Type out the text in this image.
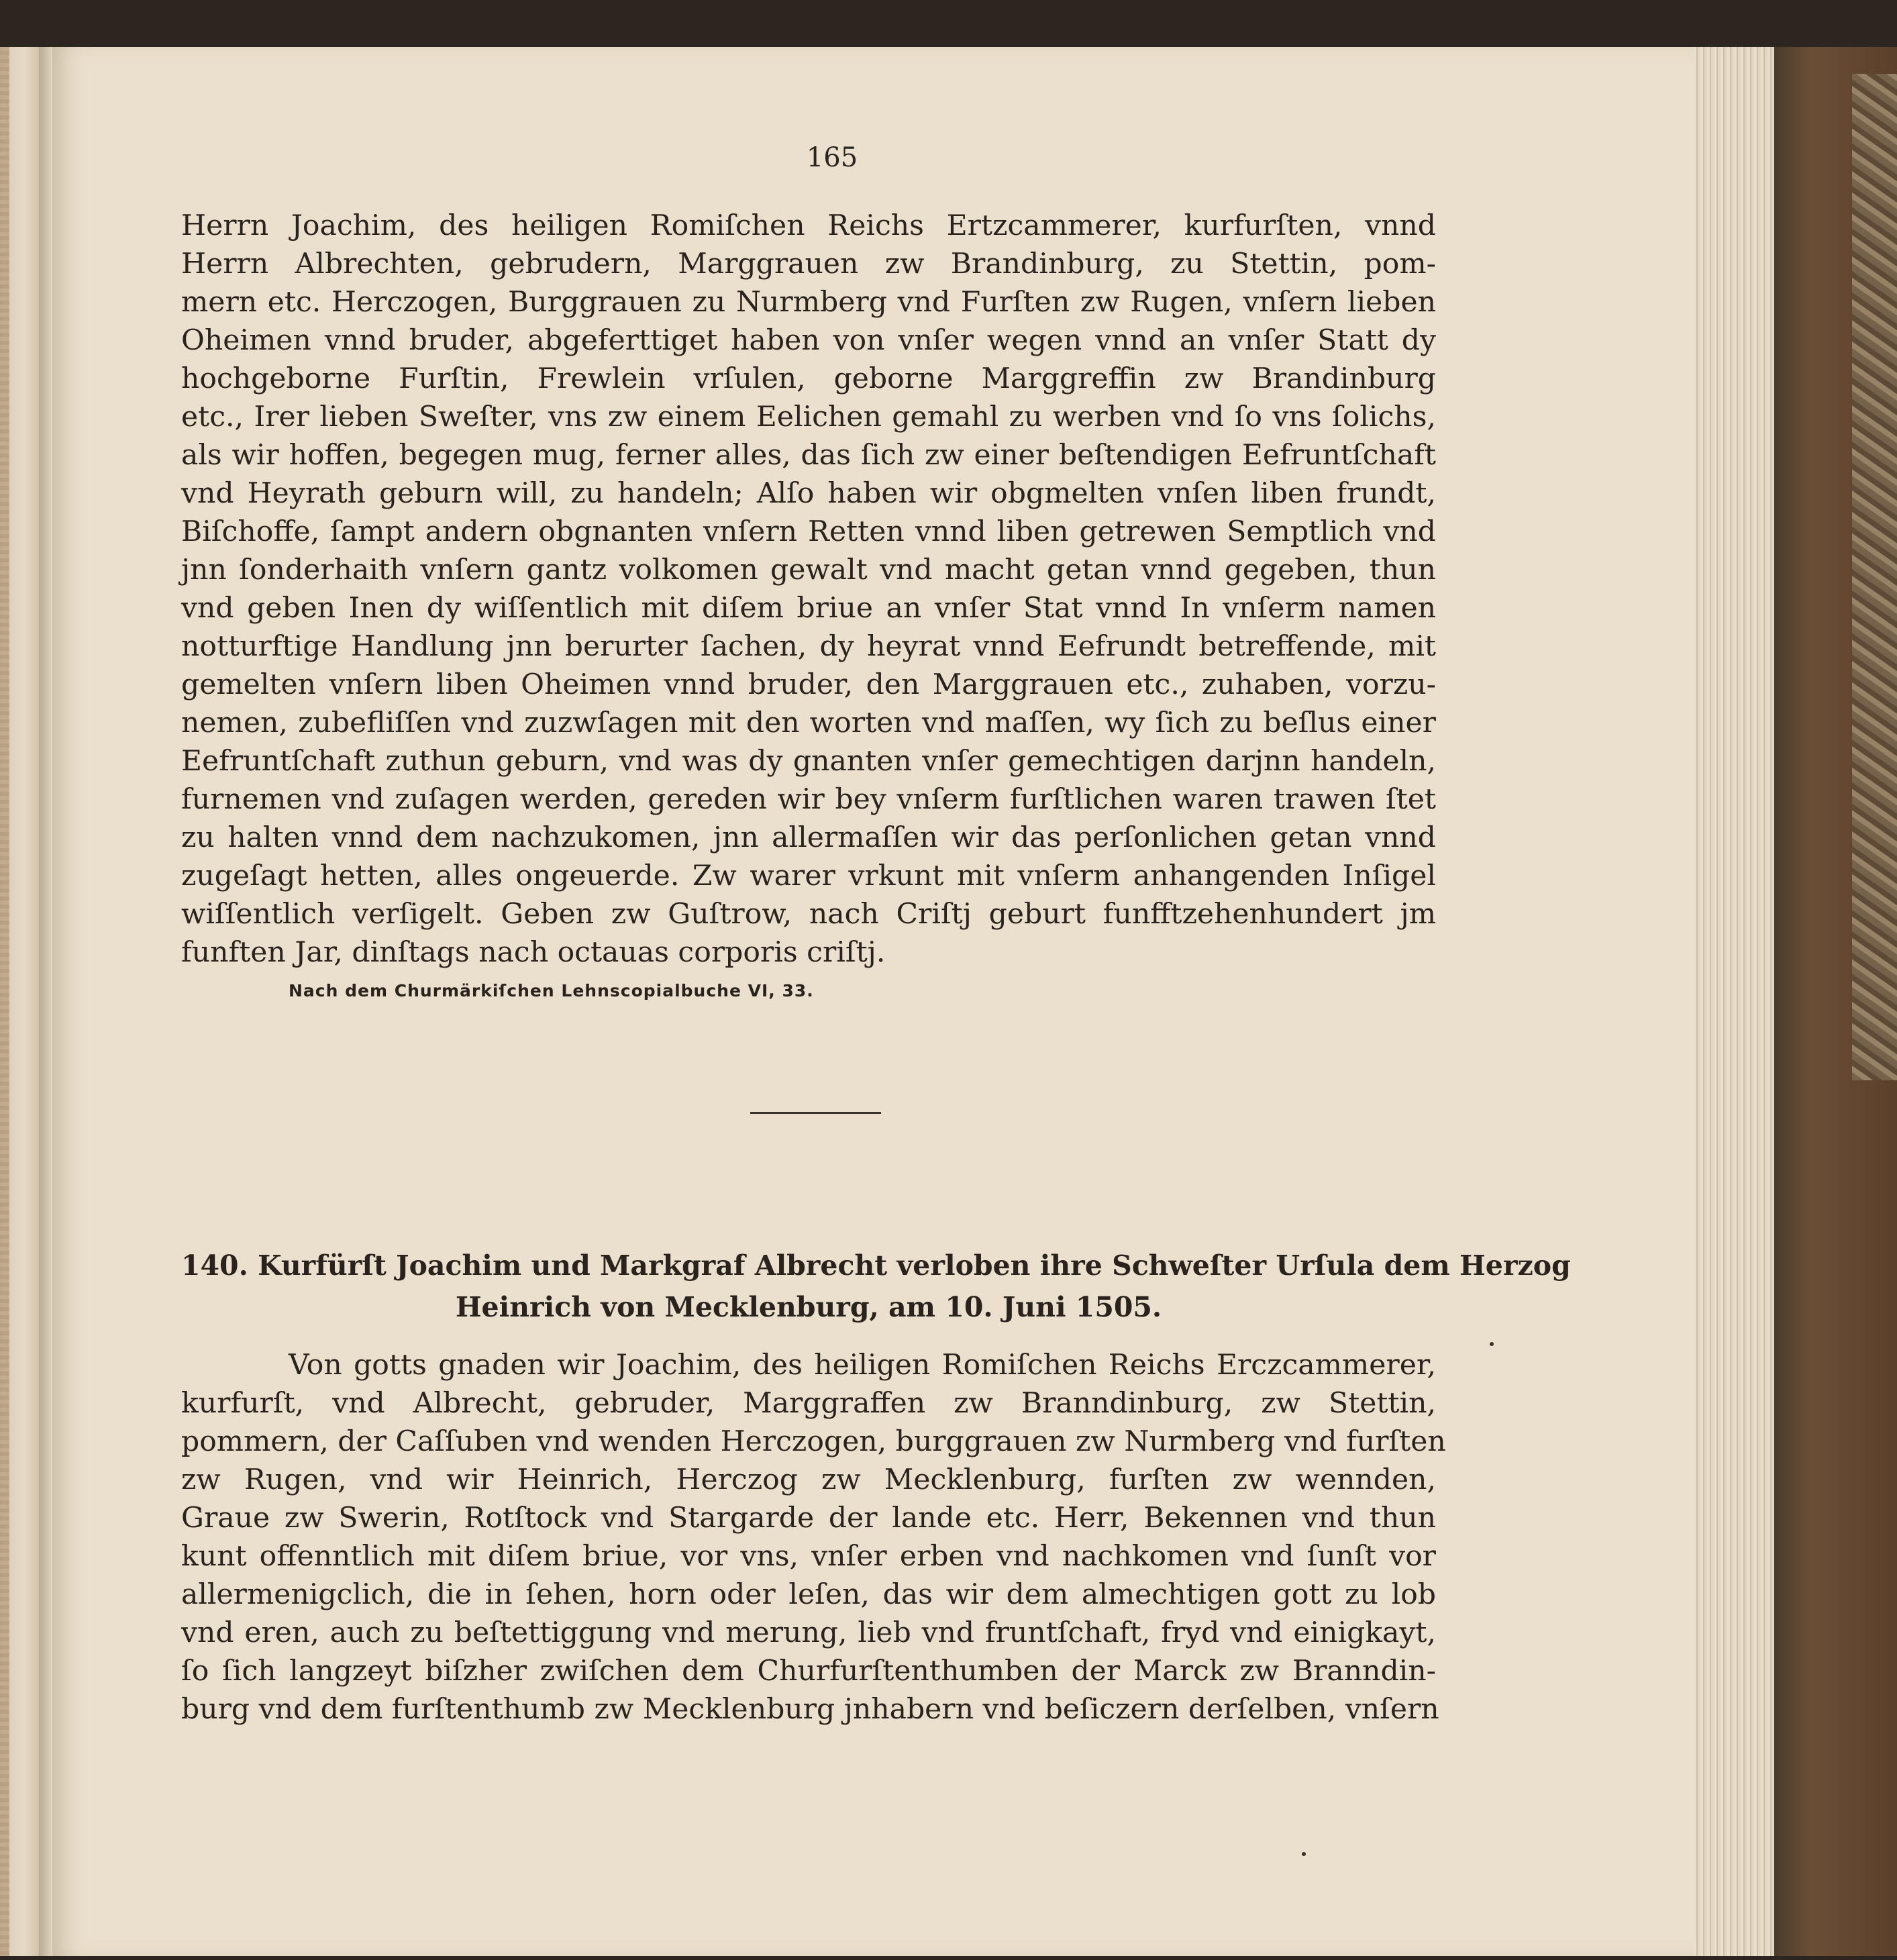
165
Herrn Joachim, des heiligen Romiſchen Reichs Ertzcammerer, kurfurſten, vnnd
Herrn Albrechten, gebrudern, Marggrauen zw Brandinburg, zu Stettin, pom-
mern etc. Herczogen, Burggrauen zu Nurmberg vnd Furſten zw Rugen, vnſern lieben
Oheimen vnnd bruder, abgeferttiget haben von vnſer wegen vnnd an vnſer Statt dy
hochgeborne Furſtin, Frewlein vrſulen, geborne Marggreffin zw Brandinburg
etc., Irer lieben Sweſter, vns zw einem Eelichen gemahl zu werben vnd ſo vns ſolichs,
als wir hoffen, begegen mug, ferner alles, das ſich zw einer beſtendigen Eefruntſchaft
vnd Heyrath geburn will, zu handeln; Alſo haben wir obgmelten vnſen liben frundt,
Biſchoffe, ſampt andern obgnanten vnſern Retten vnnd liben getrewen Semptlich vnd
jnn ſonderhaith vnſern gantz volkomen gewalt vnd macht getan vnnd gegeben, thun
vnd geben Inen dy wiſſentlich mit diſem briue an vnſer Stat vnnd In vnſerm namen
notturftige Handlung jnn berurter ſachen, dy heyrat vnnd Eefrundt betreffende, mit
gemelten vnſern liben Oheimen vnnd bruder, den Marggrauen etc., zuhaben, vorzu-
nemen, zubefliſſen vnd zuzwſagen mit den worten vnd maſſen, wy ſich zu beſlus einer
Eefruntſchaft zuthun geburn, vnd was dy gnanten vnſer gemechtigen darjnn handeln,
furnemen vnd zuſagen werden, gereden wir bey vnſerm furſtlichen waren trawen ſtet
zu halten vnnd dem nachzukomen, jnn allermaſſen wir das perſonlichen getan vnnd
zugeſagt hetten, alles ongeuerde. Zw warer vrkunt mit vnſerm anhangenden Inſigel
wiſſentlich verſigelt. Geben zw Guſtrow, nach Criſtj geburt funfftzehenhundert jm
funften Jar, dinſtags nach octauas corporis criſtj.
Nach dem Churmärkiſchen Lehnscopialbuche VI, 33.
140. Kurfürſt Joachim und Markgraf Albrecht verloben ihre Schweſter Urſula dem Herzog
Heinrich von Mecklenburg, am 10. Juni 1505.
Von gotts gnaden wir Joachim, des heiligen Romiſchen Reichs Erczcammerer,
kurfurſt, vnd Albrecht, gebruder, Marggraffen zw Branndinburg, zw Stettin,
pommern, der Caſſuben vnd wenden Herczogen, burggrauen zw Nurmberg vnd furſten
zw Rugen, vnd wir Heinrich, Herczog zw Mecklenburg, furſten zw wennden,
Graue zw Swerin, Rotſtock vnd Stargarde der lande etc. Herr, Bekennen vnd thun
kunt offenntlich mit diſem briue, vor vns, vnſer erben vnd nachkomen vnd ſunſt vor
allermenigclich, die in ſehen, horn oder leſen, das wir dem almechtigen gott zu lob
vnd eren, auch zu beſtettiggung vnd merung, lieb vnd fruntſchaft, fryd vnd einigkayt,
ſo ſich langzeyt biſzher zwiſchen dem Churfurſtenthumben der Marck zw Branndin-
burg vnd dem furſtenthumb zw Mecklenburg jnhabern vnd beſiczern derſelben, vnſern
